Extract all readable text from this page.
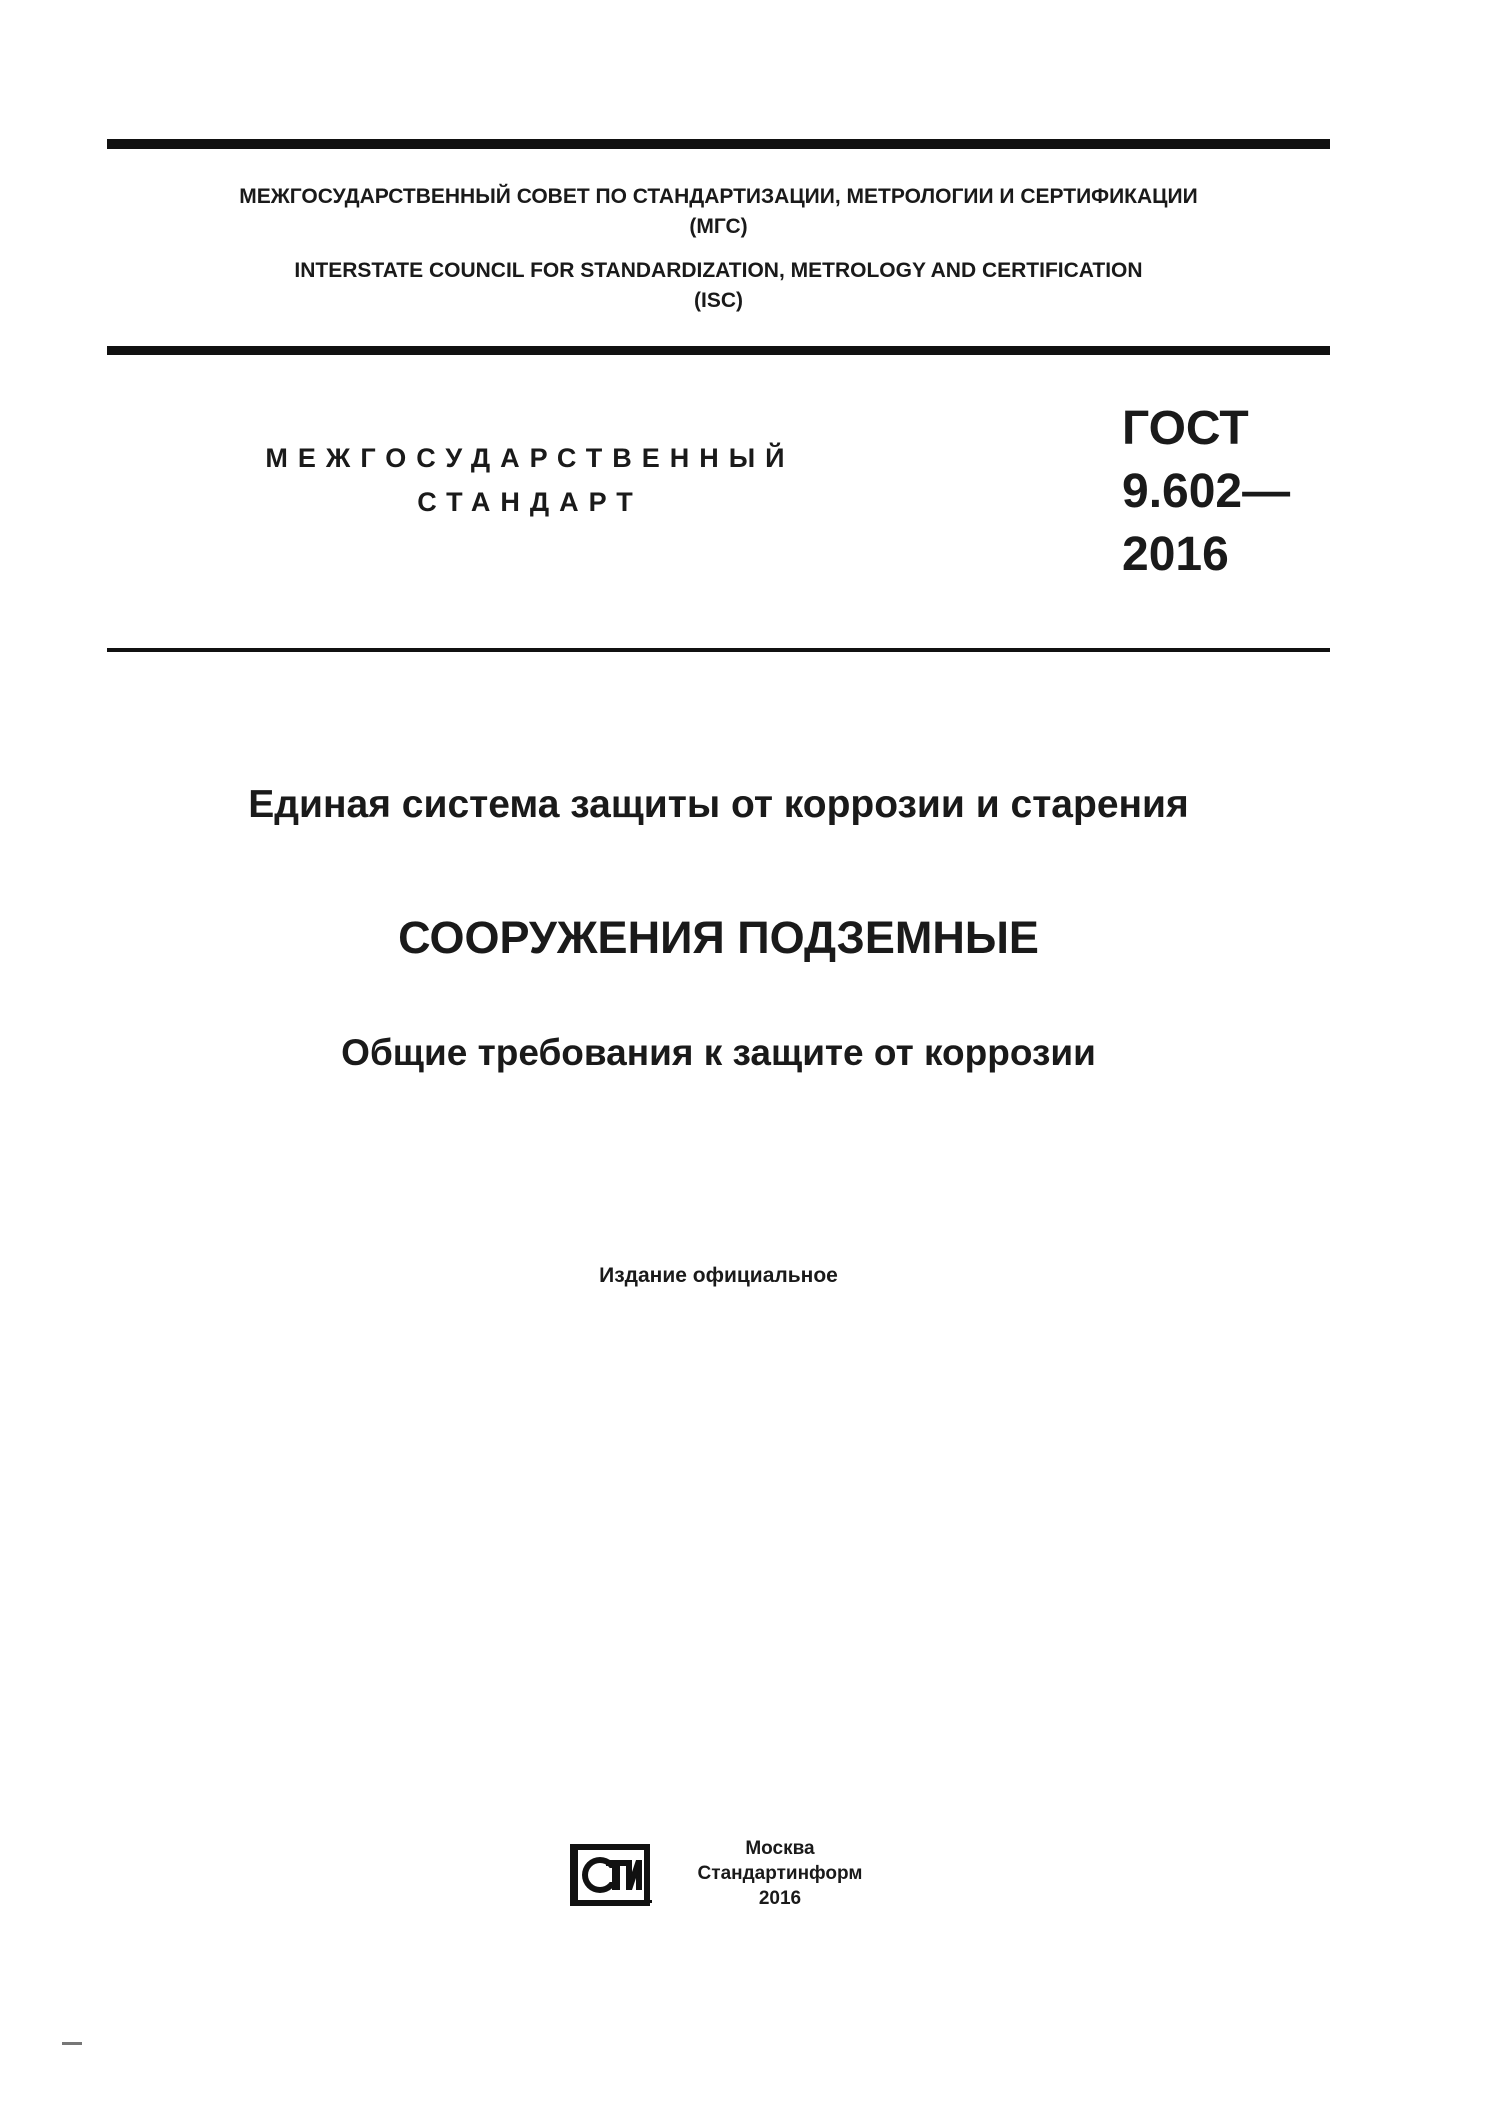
МЕЖГОСУДАРСТВЕННЫЙ СОВЕТ ПО СТАНДАРТИЗАЦИИ, МЕТРОЛОГИИ И СЕРТИФИКАЦИИ
(МГС)
INTERSTATE COUNCIL FOR STANDARDIZATION, METROLOGY AND CERTIFICATION
(ISC)
МЕЖГОСУДАРСТВЕННЫЙ
СТАНДАРТ
ГОСТ
9.602—
2016
Единая система защиты от коррозии и старения
СООРУЖЕНИЯ ПОДЗЕМНЫЕ
Общие требования к защите от коррозии
Издание официальное
Москва
Стандартинформ
2016
